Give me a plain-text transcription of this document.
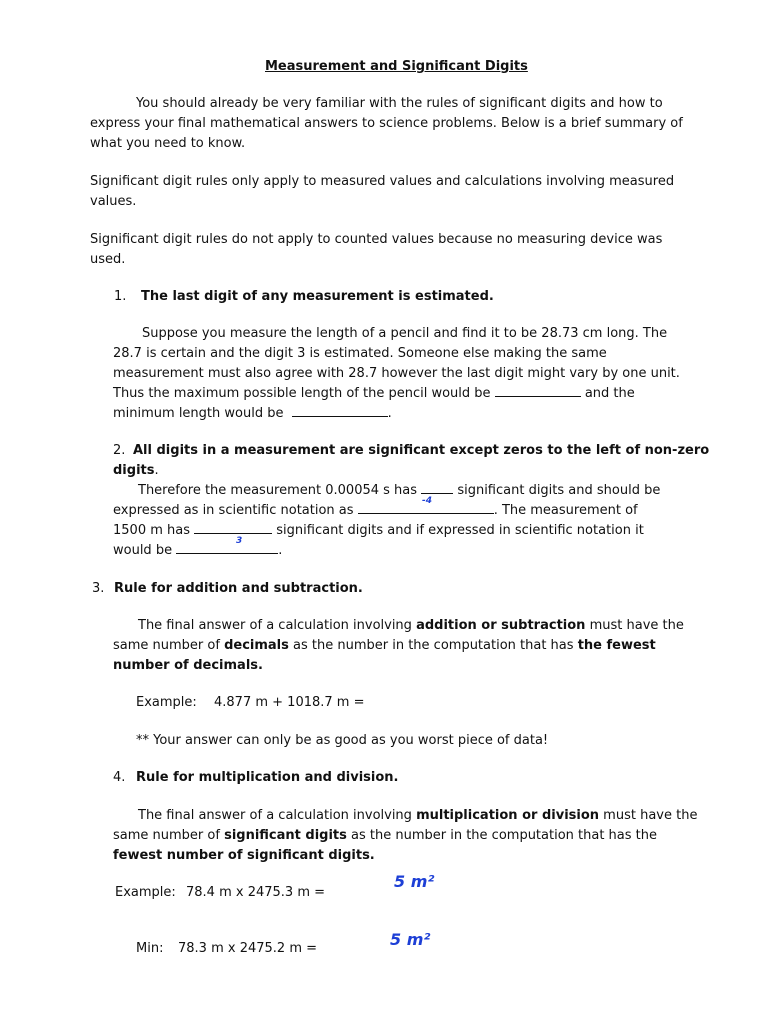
Measurement and Significant Digits
You should already be very familiar with the rules of significant digits and how to
express your final mathematical answers to science problems. Below is a brief summary of
what you need to know.
Significant digit rules only apply to measured values and calculations involving measured
values.
Significant digit rules do not apply to counted values because no measuring device was
used.
1. The last digit of any measurement is estimated.
Suppose you measure the length of a pencil and find it to be 28.73 cm long. The
28.7 is certain and the digit 3 is estimated. Someone else making the same
measurement must also agree with 28.7 however the last digit might vary by one unit.
Thus the maximum possible length of the pencil would be	and the
minimum length would be	.
2. All digits in a measurement are significant except zeros to the left of non-zero
digits.
Therefore the measurement 0.00054 s has	significant digits and should be
expressed as in scientific notation as	. The measurement of
1500 m has	significant digits and if expressed in scientific notation it
would be	.
-4
3
3. Rule for addition and subtraction.
The final answer of a calculation involving addition or subtraction must have the
same number of decimals as the number in the computation that has the fewest
number of decimals.
Example: 4.877 m + 1018.7 m =
** Your answer can only be as good as you worst piece of data!
4. Rule for multiplication and division.
The final answer of a calculation involving multiplication or division must have the
same number of significant digits as the number in the computation that has the
fewest number of significant digits.
Example: 78.4 m x 2475.3 m =
Min: 78.3 m x 2475.2 m =
5 m²
5 m²
